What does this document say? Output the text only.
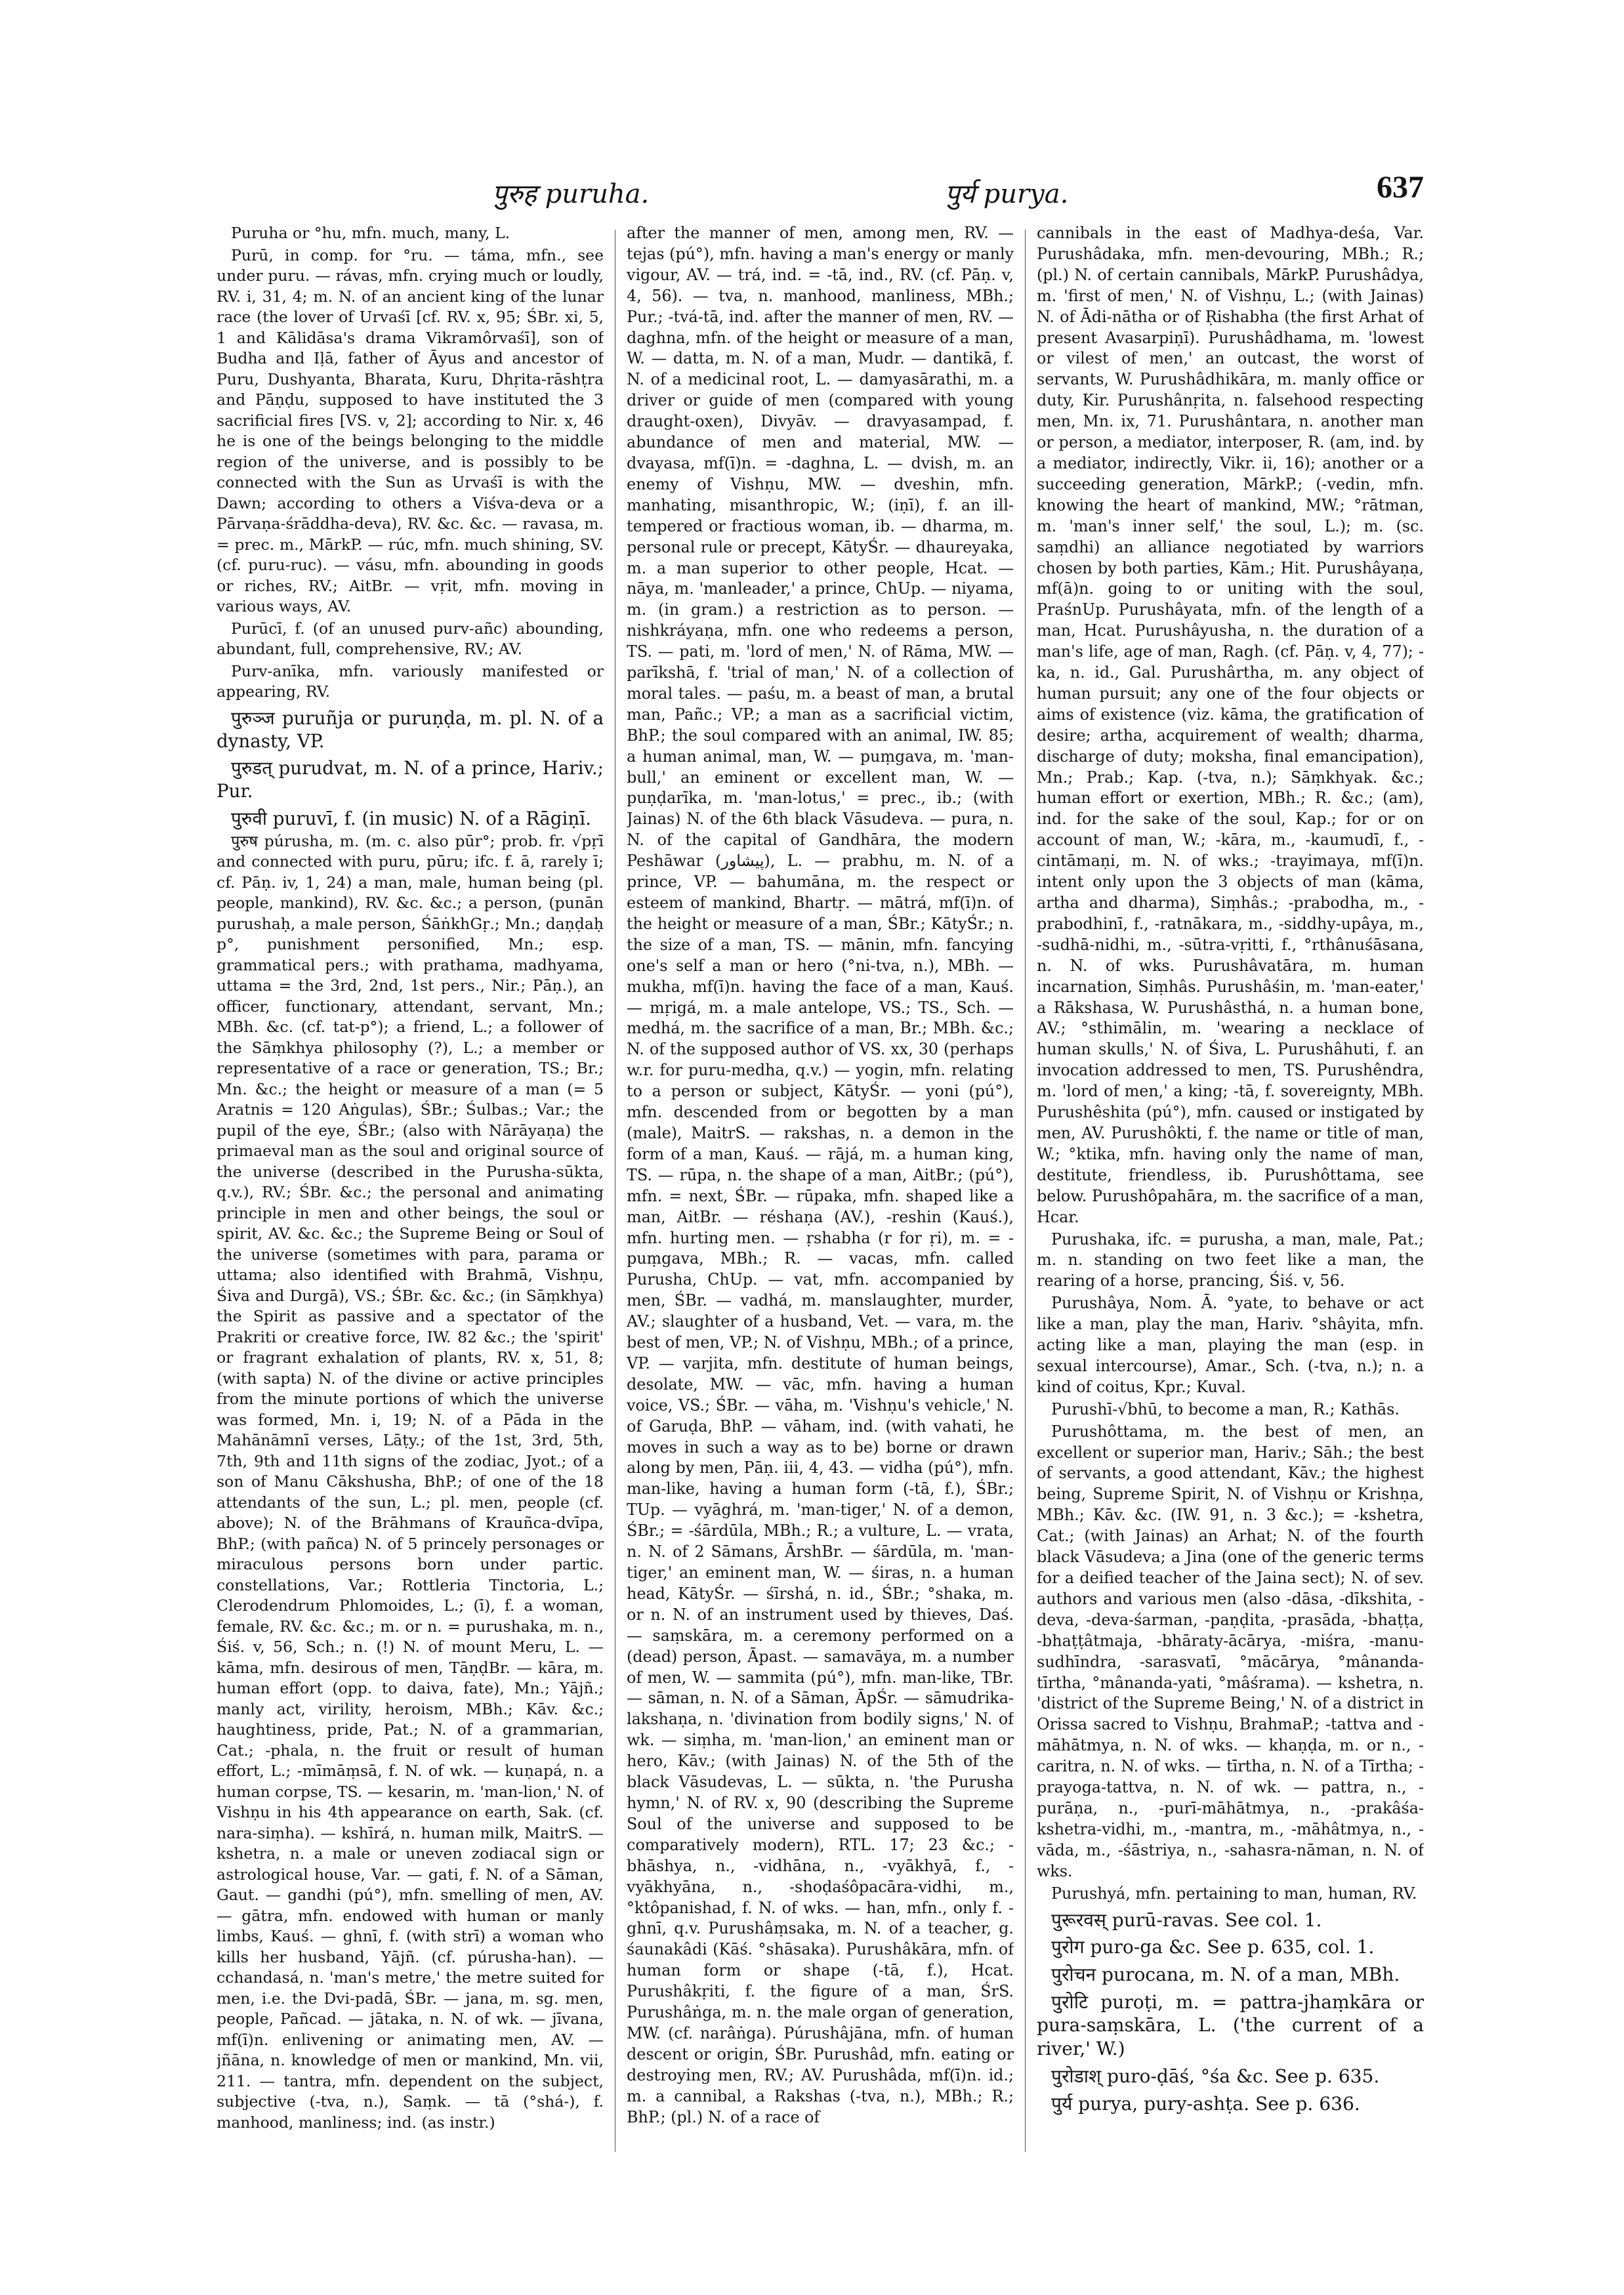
पुरुह puruha.	पुर्य purya.	637

Puruha or °hu, mfn. much, many, L.

Purū, in comp. for °ru. — táma, mfn., see under puru. — rávas, mfn. crying much or loudly, RV. i, 31, 4; m. N. of an ancient king of the lunar race (the lover of Urvaśī [cf. RV. x, 95; ŚBr. xi, 5, 1 and Kālidāsa's drama Vikramôrvaśī], son of Budha and Iḷā, father of Āyus and ancestor of Puru, Dushyanta, Bharata, Kuru, Dhṛita-rāshṭra and Pāṇḍu, supposed to have instituted the 3 sacrificial fires [VS. v, 2]; according to Nir. x, 46 he is one of the beings belonging to the middle region of the universe, and is possibly to be connected with the Sun as Urvaśī is with the Dawn; according to others a Viśva-deva or a Pārvaṇa-śrāddha-deva), RV. &c. &c. — ravasa, m. = prec. m., MārkP. — rúc, mfn. much shining, SV. (cf. puru-ruc). — vásu, mfn. abounding in goods or riches, RV.; AitBr. — vṛit, mfn. moving in various ways, AV.

Purūcī, f. (of an unused purv-añc) abounding, abundant, full, comprehensive, RV.; AV.

Purv-anīka, mfn. variously manifested or appearing, RV.

पुरुञ्ज puruñja or puruṇḍa, m. pl. N. of a dynasty, VP.

पुरुडत् purudvat, m. N. of a prince, Hariv.; Pur.

पुरुवी puruvī, f. (in music) N. of a Rāgiṇī.

पुरुष púrusha, m. (m. c. also pūr°; prob. fr. √pṛī and connected with puru, pūru; ifc. f. ā, rarely ī; cf. Pāṇ. iv, 1, 24) a man, male, human being (pl. people, mankind), RV. &c. &c.; a person, (punān purushaḥ, a male person, ŚāṅkhGṛ.; Mn.; daṇḍaḥ p°, punishment personified, Mn.; esp. grammatical pers.; with prathama, madhyama, uttama = the 3rd, 2nd, 1st pers., Nir.; Pāṇ.), an officer, functionary, attendant, servant, Mn.; MBh. &c. (cf. tat-p°); a friend, L.; a follower of the Sāṃkhya philosophy (?), L.; a member or representative of a race or generation, TS.; Br.; Mn. &c.; the height or measure of a man (= 5 Aratnis = 120 Aṅgulas), ŚBr.; Śulbas.; Var.; the pupil of the eye, ŚBr.; (also with Nārāyaṇa) the primaeval man as the soul and original source of the universe (described in the Purusha-sūkta, q.v.), RV.; ŚBr. &c.; the personal and animating principle in men and other beings, the soul or spirit, AV. &c. &c.; the Supreme Being or Soul of the universe (sometimes with para, parama or uttama; also identified with Brahmā, Vishṇu, Śiva and Durgā), VS.; ŚBr. &c. &c.; (in Sāṃkhya) the Spirit as passive and a spectator of the Prakriti or creative force, IW. 82 &c.; the 'spirit' or fragrant exhalation of plants, RV. x, 51, 8; (with sapta) N. of the divine or active principles from the minute portions of which the universe was formed, Mn. i, 19; N. of a Pāda in the Mahānāmnī verses, Lāṭy.; of the 1st, 3rd, 5th, 7th, 9th and 11th signs of the zodiac, Jyot.; of a son of Manu Cākshusha, BhP.; of one of the 18 attendants of the sun, L.; pl. men, people (cf. above); N. of the Brāhmans of Krauñca-dvīpa, BhP.; (with pañca) N. of 5 princely personages or miraculous persons born under partic. constellations, Var.; Rottleria Tinctoria, L.; Clerodendrum Phlomoides, L.; (ī), f. a woman, female, RV. &c. &c.; m. or n. = purushaka, m. n., Śiś. v, 56, Sch.; n. (!) N. of mount Meru, L. — kāma, mfn. desirous of men, TāṇḍBr. — kāra, m. human effort (opp. to daiva, fate), Mn.; Yājñ.; manly act, virility, heroism, MBh.; Kāv. &c.; haughtiness, pride, Pat.; N. of a grammarian, Cat.; -phala, n. the fruit or result of human effort, L.; -mīmāṃsā, f. N. of wk. — kuṇapá, n. a human corpse, TS. — kesarin, m. 'man-lion,' N. of Vishṇu in his 4th appearance on earth, Sak. (cf. nara-siṃha). — kshīrá, n. human milk, MaitrS. — kshetra, n. a male or uneven zodiacal sign or astrological house, Var. — gati, f. N. of a Sāman, Gaut. — gandhi (pú°), mfn. smelling of men, AV. — gātra, mfn. endowed with human or manly limbs, Kauś. — ghnī, f. (with strī) a woman who kills her husband, Yājñ. (cf. púrusha-han). — cchandasá, n. 'man's metre,' the metre suited for men, i.e. the Dvi-padā, ŚBr. — jana, m. sg. men, people, Pañcad. — jātaka, n. N. of wk. — jīvana, mf(ī)n. enlivening or animating men, AV. — jñāna, n. knowledge of men or mankind, Mn. vii, 211. — tantra, mfn. dependent on the subject, subjective (-tva, n.), Saṃk. — tā (°shá-), f. manhood, manliness; ind. (as instr.)

after the manner of men, among men, RV. — tejas (pú°), mfn. having a man's energy or manly vigour, AV. — trá, ind. = -tā, ind., RV. (cf. Pāṇ. v, 4, 56). — tva, n. manhood, manliness, MBh.; Pur.; -tvá-tā, ind. after the manner of men, RV. — daghna, mfn. of the height or measure of a man, W. — datta, m. N. of a man, Mudr. — dantikā, f. N. of a medicinal root, L. — damyasārathi, m. a driver or guide of men (compared with young draught-oxen), Divyāv. — dravyasampad, f. abundance of men and material, MW. — dvayasa, mf(ī)n. = -daghna, L. — dvish, m. an enemy of Vishṇu, MW. — dveshin, mfn. manhating, misanthropic, W.; (iṇī), f. an ill-tempered or fractious woman, ib. — dharma, m. personal rule or precept, KātyŚr. — dhaureyaka, m. a man superior to other people, Hcat. — nāya, m. 'manleader,' a prince, ChUp. — niyama, m. (in gram.) a restriction as to person. — nishkráyaṇa, mfn. one who redeems a person, TS. — pati, m. 'lord of men,' N. of Rāma, MW. — parīkshā, f. 'trial of man,' N. of a collection of moral tales. — paśu, m. a beast of man, a brutal man, Pañc.; VP.; a man as a sacrificial victim, BhP.; the soul compared with an animal, IW. 85; a human animal, man, W. — puṃgava, m. 'man-bull,' an eminent or excellent man, W. — puṇḍarīka, m. 'man-lotus,' = prec., ib.; (with Jainas) N. of the 6th black Vāsudeva. — pura, n. N. of the capital of Gandhāra, the modern Peshāwar (پيشاور), L. — prabhu, m. N. of a prince, VP. — bahumāna, m. the respect or esteem of mankind, Bhartṛ. — mātrá, mf(ī)n. of the height or measure of a man, ŚBr.; KātyŚr.; n. the size of a man, TS. — mānin, mfn. fancying one's self a man or hero (°ni-tva, n.), MBh. — mukha, mf(ī)n. having the face of a man, Kauś. — mṛigá, m. a male antelope, VS.; TS., Sch. — medhá, m. the sacrifice of a man, Br.; MBh. &c.; N. of the supposed author of VS. xx, 30 (perhaps w.r. for puru-medha, q.v.) — yogin, mfn. relating to a person or subject, KātyŚr. — yoni (pú°), mfn. descended from or begotten by a man (male), MaitrS. — rakshas, n. a demon in the form of a man, Kauś. — rājá, m. a human king, TS. — rūpa, n. the shape of a man, AitBr.; (pú°), mfn. = next, ŚBr. — rūpaka, mfn. shaped like a man, AitBr. — réshaṇa (AV.), -reshin (Kauś.), mfn. hurting men. — ṛshabha (r for ṛi), m. = -puṃgava, MBh.; R. — vacas, mfn. called Purusha, ChUp. — vat, mfn. accompanied by men, ŚBr. — vadhá, m. manslaughter, murder, AV.; slaughter of a husband, Vet. — vara, m. the best of men, VP.; N. of Vishṇu, MBh.; of a prince, VP. — varjita, mfn. destitute of human beings, desolate, MW. — vāc, mfn. having a human voice, VS.; ŚBr. — vāha, m. 'Vishṇu's vehicle,' N. of Garuḍa, BhP. — vāham, ind. (with vahati, he moves in such a way as to be) borne or drawn along by men, Pāṇ. iii, 4, 43. — vidha (pú°), mfn. man-like, having a human form (-tā, f.), ŚBr.; TUp. — vyāghrá, m. 'man-tiger,' N. of a demon, ŚBr.; = -śārdūla, MBh.; R.; a vulture, L. — vrata, n. N. of 2 Sāmans, ĀrshBr. — śārdūla, m. 'man-tiger,' an eminent man, W. — śiras, n. a human head, KātyŚr. — śīrshá, n. id., ŚBr.; °shaka, m. or n. N. of an instrument used by thieves, Daś. — saṃskāra, m. a ceremony performed on a (dead) person, Āpast. — samavāya, m. a number of men, W. — sammita (pú°), mfn. man-like, TBr. — sāman, n. N. of a Sāman, ĀpŚr. — sāmudrika-lakshaṇa, n. 'divination from bodily signs,' N. of wk. — siṃha, m. 'man-lion,' an eminent man or hero, Kāv.; (with Jainas) N. of the 5th of the black Vāsudevas, L. — sūkta, n. 'the Purusha hymn,' N. of RV. x, 90 (describing the Supreme Soul of the universe and supposed to be comparatively modern), RTL. 17; 23 &c.; -bhāshya, n., -vidhāna, n., -vyākhyā, f., -vyākhyāna, n., -shoḍaśôpacāra-vidhi, m., °ktôpanishad, f. N. of wks. — han, mfn., only f. -ghnī, q.v. Purushâṃsaka, m. N. of a teacher, g. śaunakâdi (Kāś. °shāsaka). Purushâkāra, mfn. of human form or shape (-tā, f.), Hcat. Purushâkṛiti, f. the figure of a man, ŚrS. Purushâṅga, m. n. the male organ of generation, MW. (cf. narâṅga). Púrushâjāna, mfn. of human descent or origin, ŚBr. Purushâd, mfn. eating or destroying men, RV.; AV. Purushâda, mf(ī)n. id.; m. a cannibal, a Rakshas (-tva, n.), MBh.; R.; BhP.; (pl.) N. of a race of

cannibals in the east of Madhya-deśa, Var. Purushâdaka, mfn. men-devouring, MBh.; R.; (pl.) N. of certain cannibals, MārkP. Purushâdya, m. 'first of men,' N. of Vishṇu, L.; (with Jainas) N. of Ādi-nātha or of Ṛishabha (the first Arhat of present Avasarpiṇī). Purushâdhama, m. 'lowest or vilest of men,' an outcast, the worst of servants, W. Purushâdhikāra, m. manly office or duty, Kir. Purushânṛita, n. falsehood respecting men, Mn. ix, 71. Purushântara, n. another man or person, a mediator, interposer, R. (am, ind. by a mediator, indirectly, Vikr. ii, 16); another or a succeeding generation, MārkP.; (-vedin, mfn. knowing the heart of mankind, MW.; °rātman, m. 'man's inner self,' the soul, L.); m. (sc. saṃdhi) an alliance negotiated by warriors chosen by both parties, Kām.; Hit. Purushâyaṇa, mf(ā)n. going to or uniting with the soul, PraśnUp. Purushâyata, mfn. of the length of a man, Hcat. Purushâyusha, n. the duration of a man's life, age of man, Ragh. (cf. Pāṇ. v, 4, 77); -ka, n. id., Gal. Purushârtha, m. any object of human pursuit; any one of the four objects or aims of existence (viz. kāma, the gratification of desire; artha, acquirement of wealth; dharma, discharge of duty; moksha, final emancipation), Mn.; Prab.; Kap. (-tva, n.); Sāṃkhyak. &c.; human effort or exertion, MBh.; R. &c.; (am), ind. for the sake of the soul, Kap.; for or on account of man, W.; -kāra, m., -kaumudī, f., -cintāmaṇi, m. N. of wks.; -trayimaya, mf(ī)n. intent only upon the 3 objects of man (kāma, artha and dharma), Siṃhâs.; -prabodha, m., -prabodhinī, f., -ratnākara, m., -siddhy-upâya, m., -sudhā-nidhi, m., -sūtra-vṛitti, f., °rthânuśāsana, n. N. of wks. Purushâvatāra, m. human incarnation, Siṃhâs. Purushâśin, m. 'man-eater,' a Rākshasa, W. Purushâsthá, n. a human bone, AV.; °sthimālin, m. 'wearing a necklace of human skulls,' N. of Śiva, L. Purushâhuti, f. an invocation addressed to men, TS. Purushêndra, m. 'lord of men,' a king; -tā, f. sovereignty, MBh. Purushêshita (pú°), mfn. caused or instigated by men, AV. Purushôkti, f. the name or title of man, W.; °ktika, mfn. having only the name of man, destitute, friendless, ib. Purushôttama, see below. Purushôpahāra, m. the sacrifice of a man, Hcar.

Purushaka, ifc. = purusha, a man, male, Pat.; m. n. standing on two feet like a man, the rearing of a horse, prancing, Śiś. v, 56.

Purushâya, Nom. Ā. °yate, to behave or act like a man, play the man, Hariv. °shâyita, mfn. acting like a man, playing the man (esp. in sexual intercourse), Amar., Sch. (-tva, n.); n. a kind of coitus, Kpr.; Kuval.

Purushī-√bhū, to become a man, R.; Kathās.

Purushôttama, m. the best of men, an excellent or superior man, Hariv.; Sāh.; the best of servants, a good attendant, Kāv.; the highest being, Supreme Spirit, N. of Vishṇu or Krishṇa, MBh.; Kāv. &c. (IW. 91, n. 3 &c.); = -kshetra, Cat.; (with Jainas) an Arhat; N. of the fourth black Vāsudeva; a Jina (one of the generic terms for a deified teacher of the Jaina sect); N. of sev. authors and various men (also -dāsa, -dīkshita, -deva, -deva-śarman, -paṇḍita, -prasāda, -bhaṭṭa, -bhaṭṭâtmaja, -bhāraty-ācārya, -miśra, -manu-sudhīndra, -sarasvatī, °mācārya, °mânanda-tīrtha, °mânanda-yati, °mâśrama). — kshetra, n. 'district of the Supreme Being,' N. of a district in Orissa sacred to Vishṇu, BrahmaP.; -tattva and -māhātmya, n. N. of wks. — khaṇḍa, m. or n., -caritra, n. N. of wks. — tīrtha, n. N. of a Tīrtha; -prayoga-tattva, n. N. of wk. — pattra, n., -purāṇa, n., -purī-māhātmya, n., -prakâśa-kshetra-vidhi, m., -mantra, m., -māhâtmya, n., -vāda, m., -śāstriya, n., -sahasra-nāman, n. N. of wks.

Purushyá, mfn. pertaining to man, human, RV.

पुरूरवस् purū-ravas. See col. 1.

पुरोग puro-ga &c. See p. 635, col. 1.

पुरोचन purocana, m. N. of a man, MBh.

पुरोटि puroṭi, m. = pattra-jhaṃkāra or pura-saṃskāra, L. ('the current of a river,' W.)

पुरोडाश् puro-ḍāś, °śa &c. See p. 635.

पुर्य purya, pury-ashṭa. See p. 636.
